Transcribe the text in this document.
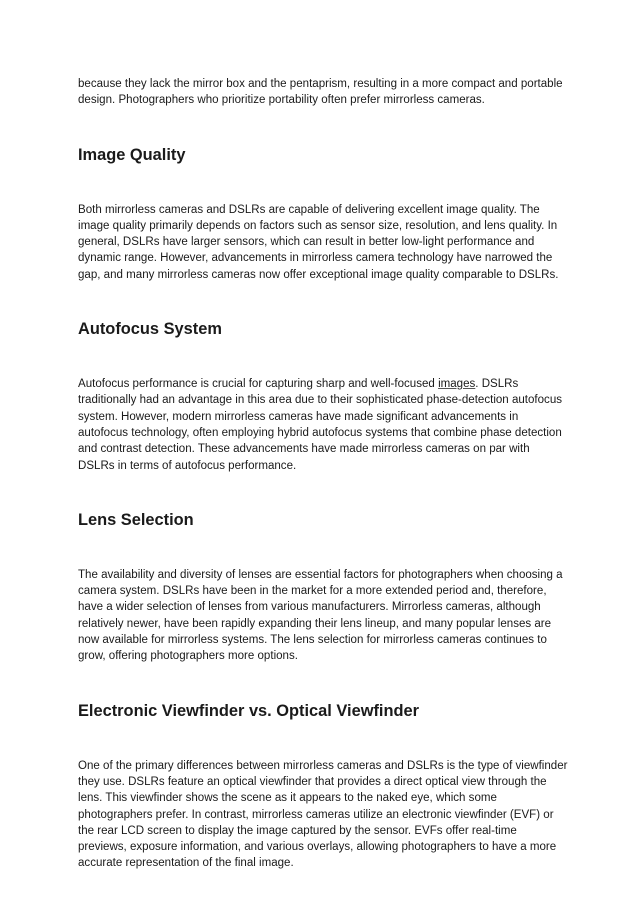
because they lack the mirror box and the pentaprism, resulting in a more compact and portable design. Photographers who prioritize portability often prefer mirrorless cameras.

Image Quality

Both mirrorless cameras and DSLRs are capable of delivering excellent image quality. The image quality primarily depends on factors such as sensor size, resolution, and lens quality. In general, DSLRs have larger sensors, which can result in better low-light performance and dynamic range. However, advancements in mirrorless camera technology have narrowed the gap, and many mirrorless cameras now offer exceptional image quality comparable to DSLRs.

Autofocus System

Autofocus performance is crucial for capturing sharp and well-focused images. DSLRs traditionally had an advantage in this area due to their sophisticated phase-detection autofocus system. However, modern mirrorless cameras have made significant advancements in autofocus technology, often employing hybrid autofocus systems that combine phase detection and contrast detection. These advancements have made mirrorless cameras on par with DSLRs in terms of autofocus performance.

Lens Selection

The availability and diversity of lenses are essential factors for photographers when choosing a camera system. DSLRs have been in the market for a more extended period and, therefore, have a wider selection of lenses from various manufacturers. Mirrorless cameras, although relatively newer, have been rapidly expanding their lens lineup, and many popular lenses are now available for mirrorless systems. The lens selection for mirrorless cameras continues to grow, offering photographers more options.

Electronic Viewfinder vs. Optical Viewfinder

One of the primary differences between mirrorless cameras and DSLRs is the type of viewfinder they use. DSLRs feature an optical viewfinder that provides a direct optical view through the lens. This viewfinder shows the scene as it appears to the naked eye, which some photographers prefer. In contrast, mirrorless cameras utilize an electronic viewfinder (EVF) or the rear LCD screen to display the image captured by the sensor. EVFs offer real-time previews, exposure information, and various overlays, allowing photographers to have a more accurate representation of the final image.
